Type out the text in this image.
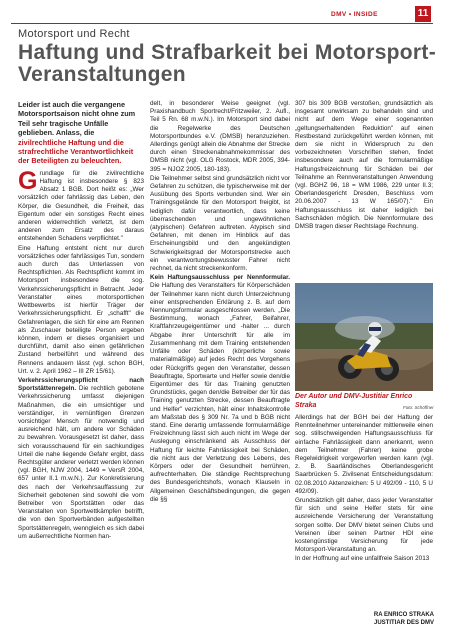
DMV • INSIDE	11
Motorsport und Recht
Haftung und Strafbarkeit bei Motorsport-Veranstaltungen
Leider ist auch die vergangene Motorsportsaison nicht ohne zum Teil sehr tragische Unfälle geblieben. Anlass, die zivilrechtliche Haftung und die strafrechtliche Verantwortlichkeit der Beteiligten zu beleuchten.

Grundlage für die zivilrechtliche Haftung ist insbesondere § 823 Absatz 1 BGB. Dort heißt es: „Wer vorsätzlich oder fahrlässig das Leben, den Körper, die Gesundheit, die Freiheit, das Eigentum oder ein sonstiges Recht eines anderen widerrechtlich verletzt, ist dem anderen zum Ersatz des daraus entstehenden Schadens verpflichtet."

Eine Haftung entsteht nicht nur durch vorsätzliches oder fahrlässiges Tun, sondern auch durch das Unterlassen von Rechtspflichten. Als Rechtspflicht kommt im Motorsport insbesondere die sog. Verkehrssicherungspflicht in Betracht. Jeder Veranstalter eines motorsportlichen Wettbewerbs ist hierfür Träger der Verkehrssicherungspflicht. Er „schafft" die Gefahrenlagen, die sich für eine am Rennen als Zuschauer beteiligte Person ergeben können, indem er dieses organisiert und durchführt, damit also einen gefährlichen Zustand herbeiführt und während des Rennens andauern lässt (vgl. schon BGH, Urt. v. 2. April 1962 – III ZR 15/61).

Verkehrssicherungspflicht nach Sportstättenregeln. Die rechtlich gebotene Verkehrssicherung umfasst diejenigen Maßnahmen, die ein umsichtiger und verständiger, in vernünftigen Grenzen vorsichtiger Mensch für notwendig und ausreichend hält, um andere vor Schäden zu bewahren. Vorausgesetzt ist daher, dass sich vorausschauend für ein sachkundiges Urteil die nahe liegende Gefahr ergibt, dass Rechtsgüter anderer verletzt werden können (vgl. BGH, NJW 2004, 1449 = VersR 2004, 657 unter II.1 m.w.N.). Zur Konkretisierung des nach der Verkehrsauffassung zur Sicherheit gebotenen sind sowohl die vom Betreiber von Sportstätten oder das Veranstalten von Sportwettkämpfen betrifft, die von den Sportverbänden aufgestellten Sportstättenregeln, wenngleich es sich dabei um außerrechtliche Normen han-

delt, in besonderer Weise geeignet (vgl. Praxishandbuch Sportrecht/Fritzweiler, 2. Aufl., Teil 5 Rn. 68 m.w.N.). Im Motorsport sind dabei die Regelwerke des Deutschen Motorsportbundes e.V. (DMSB) heranzuziehen. Allerdings genügt allein die Abnahme der Strecke durch einen Streckenabnahmekommissar des DMSB nicht (vgl. OLG Rostock, MDR 2005, 394-395 = NJOZ 2005, 180-183).

Die Teilnehmer selbst sind grundsätzlich nicht vor Gefahren zu schützen, die typischerweise mit der Ausübung des Sports verbunden sind. Wer ein Trainingsgelände für den Motorsport freigibt, ist lediglich dafür verantwortlich, dass keine überraschenden und ungewöhnlichen (atypischen) Gefahren auftreten. Atypisch sind Gefahren, mit denen im Hinblick auf das Erscheinungsbild und den angekündigten Schwierigkeitsgrad der Motorsportstrecke auch ein verantwortungsbewusster Fahrer nicht rechnet, da nicht streckenkonform.

Kein Haftungsausschluss per Nennformular. Die Haftung des Veranstalters für Körperschäden der Teilnehmer kann nicht durch Unterzeichnung einer entsprechenden Erklärung z. B. auf dem Nennungsformular ausgeschlossen werden. „Die Bestimmung, wonach „Fahrer, Beifahrer, Kraftfahrzeugeigentümer und -halter ... durch Abgabe ihrer Unterschrift für alle im Zusammenhang mit dem Training entstehenden Unfälle oder Schäden (körperliche sowie materialmäßige) auf jedes Recht des Vorgehens oder Rückgriffs gegen den Veranstalter, dessen Beauftragte, Sportwarte und Helfer sowie den/die Eigentümer des für das Training genutzten Grundstücks, gegen den/die Betreiber der für das Training genutzten Strecke, dessen Beauftragte und Helfer" verzichten, hält einer Inhaltskontrolle am Maßstab des § 309 Nr. 7a und b BGB nicht stand. Eine derartig umfassende formularmäßige Freizeichnung lässt sich auch nicht im Wege der Auslegung einschränkend als Ausschluss der Haftung für leichte Fahrlässigkeit bei Schäden, die nicht aus der Verletzung des Lebens, des Körpers oder der Gesundheit herrühren, aufrechterhalten. Die ständige Rechtsprechung des Bundesgerichtshofs, wonach Klauseln in Allgemeinen Geschäftsbedingungen, die gegen die §§

307 bis 309 BGB verstoßen, grundsätzlich als insgesamt unwirksam zu behandeln sind und nicht auf dem Wege einer sogenannten „geltungserhaltenden Reduktion" auf einen Restbestand zurückgeführt werden können, mit dem sie nicht in Widerspruch zu den vorbezeichneten Vorschriften stehen, findet insbesondere auch auf die formularmäßige Haftungsfreizeichnung für Schäden bei der Teilnahme an Rennveranstaltungen Anwendung (vgl. BGHZ 96, 18 = WM 1986, 229 unter II.3; Oberlandesgericht Dresden, Beschluss vom 20.06.2007 - 13 W 165/07)." Ein Haftungsausschluss ist daher lediglich bei Sachschäden möglich. Die Nennformulare des DMSB tragen dieser Rechtslage Rechnung.

Der Autor und DMV-Justitiar Enrico Straka	Foto: Schöffner

Allerdings hat der BGH bei der Haftung der Rennteilnehmer untereinander mittlerweile einen sog. stillschweigenden Haftungsausschluss für einfache Fahrlässigkeit dann anerkannt, wenn dem Teilnehmer (Fahrer) keine grobe Regelwidrigkeit vorgeworfen werden kann (vgl. z. B. Saarländisches Oberlandesgericht Saarbrücken 5. Zivilsenat Entscheidungsdatum: 02.08.2010 Aktenzeichen: 5 U 492/09 - 110, 5 U 492/09).

Grundsätzlich gilt daher, dass jeder Veranstalter für sich und seine Helfer stets für eine ausreichende Versicherung der Veranstaltung sorgen sollte. Der DMV bietet seinen Clubs und Vereinen über seinen Partner HDI eine kostengünstige Versicherung für jede Motorsport-Veranstaltung an.

In der Hoffnung auf eine unfallfreie Saison 2013

RA ENRICO STRAKA
JUSTITIAR DES DMV
